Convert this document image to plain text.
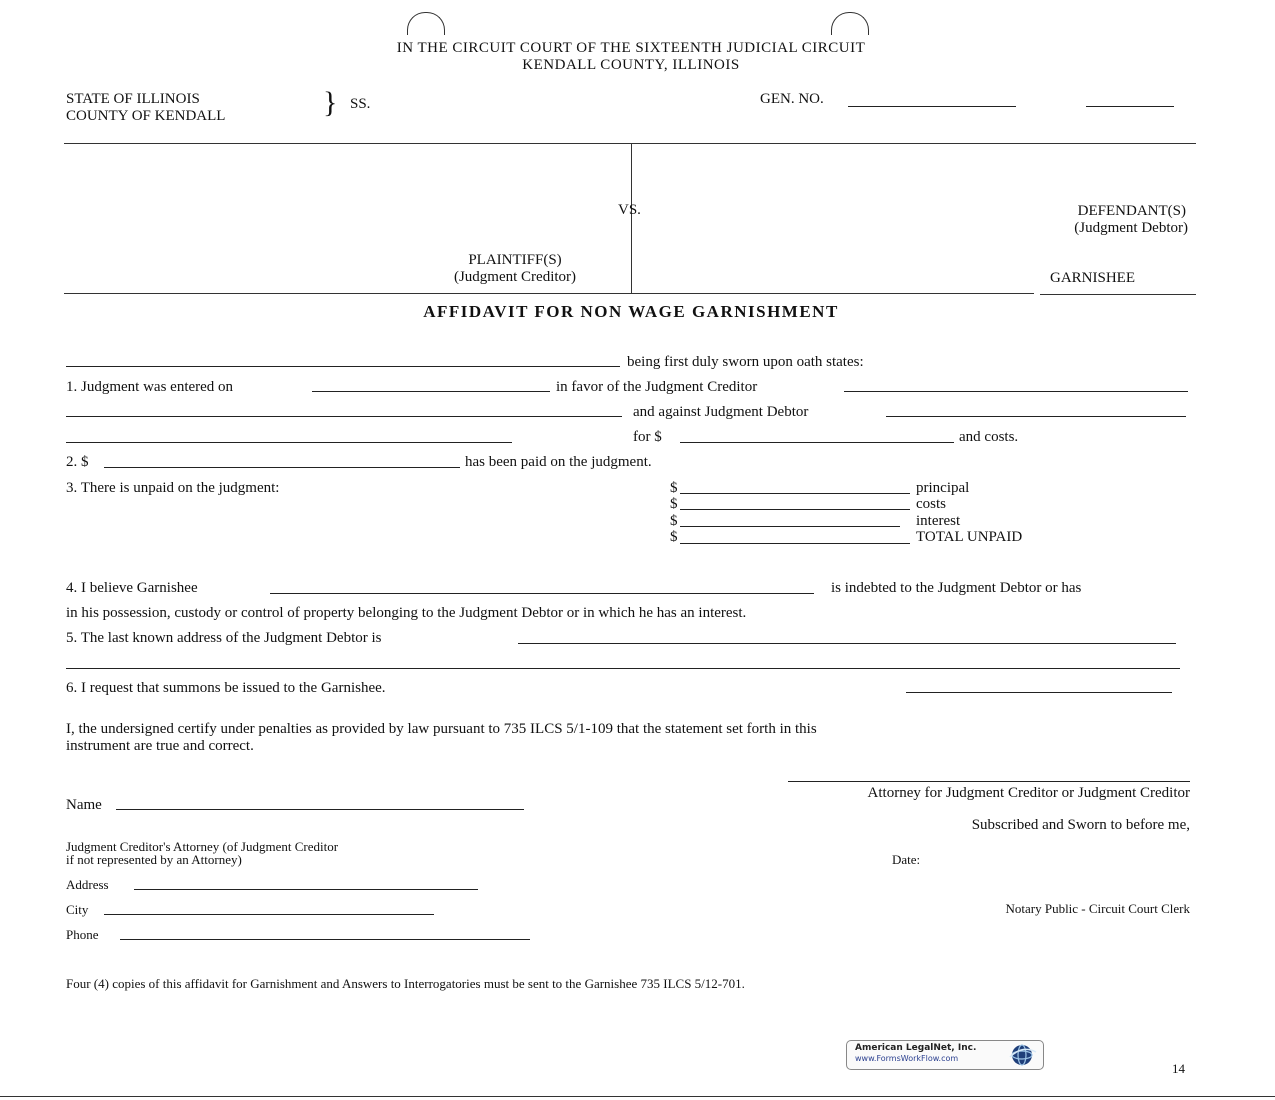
IN THE CIRCUIT COURT OF THE SIXTEENTH JUDICIAL CIRCUIT
KENDALL COUNTY, ILLINOIS
STATE OF ILLINOIS
COUNTY OF KENDALL	} SS.	GEN. NO.
VS.	DEFENDANT(S)
(Judgment Debtor)
PLAINTIFF(S)
(Judgment Creditor)	GARNISHEE
AFFIDAVIT FOR NON WAGE GARNISHMENT
being first duly sworn upon oath states:
1. Judgment was entered on	in favor of the Judgment Creditor
and against Judgment Debtor
for $	and costs.
2. $	has been paid on the judgment.
3. There is unpaid on the judgment:	$	principal
$	costs
$	interest
$	TOTAL UNPAID
4. I believe Garnishee	is indebted to the Judgment Debtor or has
in his possession, custody or control of property belonging to the Judgment Debtor or in which he has an interest.
5. The last known address of the Judgment Debtor is
6. I request that summons be issued to the Garnishee.
I, the undersigned certify under penalties as provided by law pursuant to 735 ILCS 5/1-109 that the statement set forth in this
instrument are true and correct.
Attorney for Judgment Creditor or Judgment Creditor
Name
Subscribed and Sworn to before me,
Judgment Creditor's Attorney (of Judgment Creditor
if not represented by an Attorney)	Date:
Address
City	Notary Public - Circuit Court Clerk
Phone
Four (4) copies of this affidavit for Garnishment and Answers to Interrogatories must be sent to the Garnishee 735 ILCS 5/12-701.
American LegalNet, Inc.
www.FormsWorkFlow.com
14
